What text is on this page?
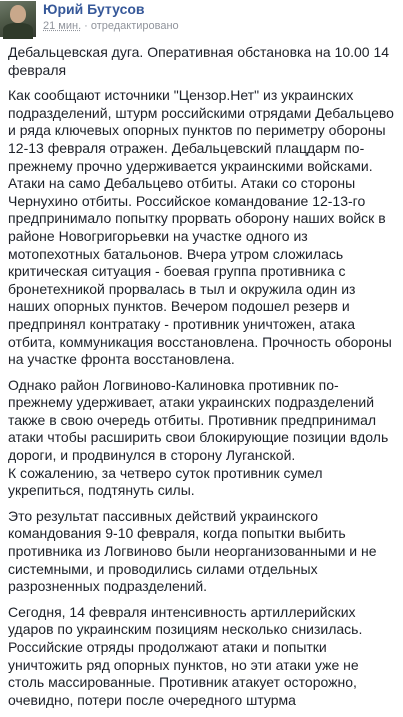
Юрий Бутусов
21 мин. · отредактировано

Дебальцевская дуга. Оперативная обстановка на 10.00 14 февраля

Как сообщают источники "Цензор.Нет" из украинских подразделений, штурм российскими отрядами Дебальцево и ряда ключевых опорных пунктов по периметру обороны 12-13 февраля отражен. Дебальцевский плацдарм по-прежнему прочно удерживается украинскими войсками. Атаки на само Дебальцево отбиты. Атаки со стороны Чернухино отбиты. Российское командование 12-13-го предпринимало попытку прорвать оборону наших войск в районе Новогригорьевки на участке одного из мотопехотных батальонов. Вчера утром сложилась критическая ситуация - боевая группа противника с бронетехникой прорвалась в тыл и окружила один из наших опорных пунктов. Вечером подошел резерв и предпринял контратаку - противник уничтожен, атака отбита, коммуникация восстановлена. Прочность обороны на участке фронта восстановлена.

Однако район Логвиново-Калиновка противник по-прежнему удерживает, атаки украинских подразделений также в свою очередь отбиты. Противник предпринимал атаки чтобы расширить свои блокирующие позиции вдоль дороги, и продвинулся в сторону Луганской.

К сожалению, за четверо суток противник сумел укрепиться, подтянуть силы.

Это результат пассивных действий украинского командования 9-10 февраля, когда попытки выбить противника из Логвиново были неорганизованными и не системными, и проводились силами отдельных разрозненных подразделений.

Сегодня, 14 февраля интенсивность артиллерийских ударов по украинским позициям несколько снизилась. Российские отряды продолжают атаки и попытки уничтожить ряд опорных пунктов, но эти атаки уже не столь массированные. Противник атакует осторожно, очевидно, потери после очередного штурма
